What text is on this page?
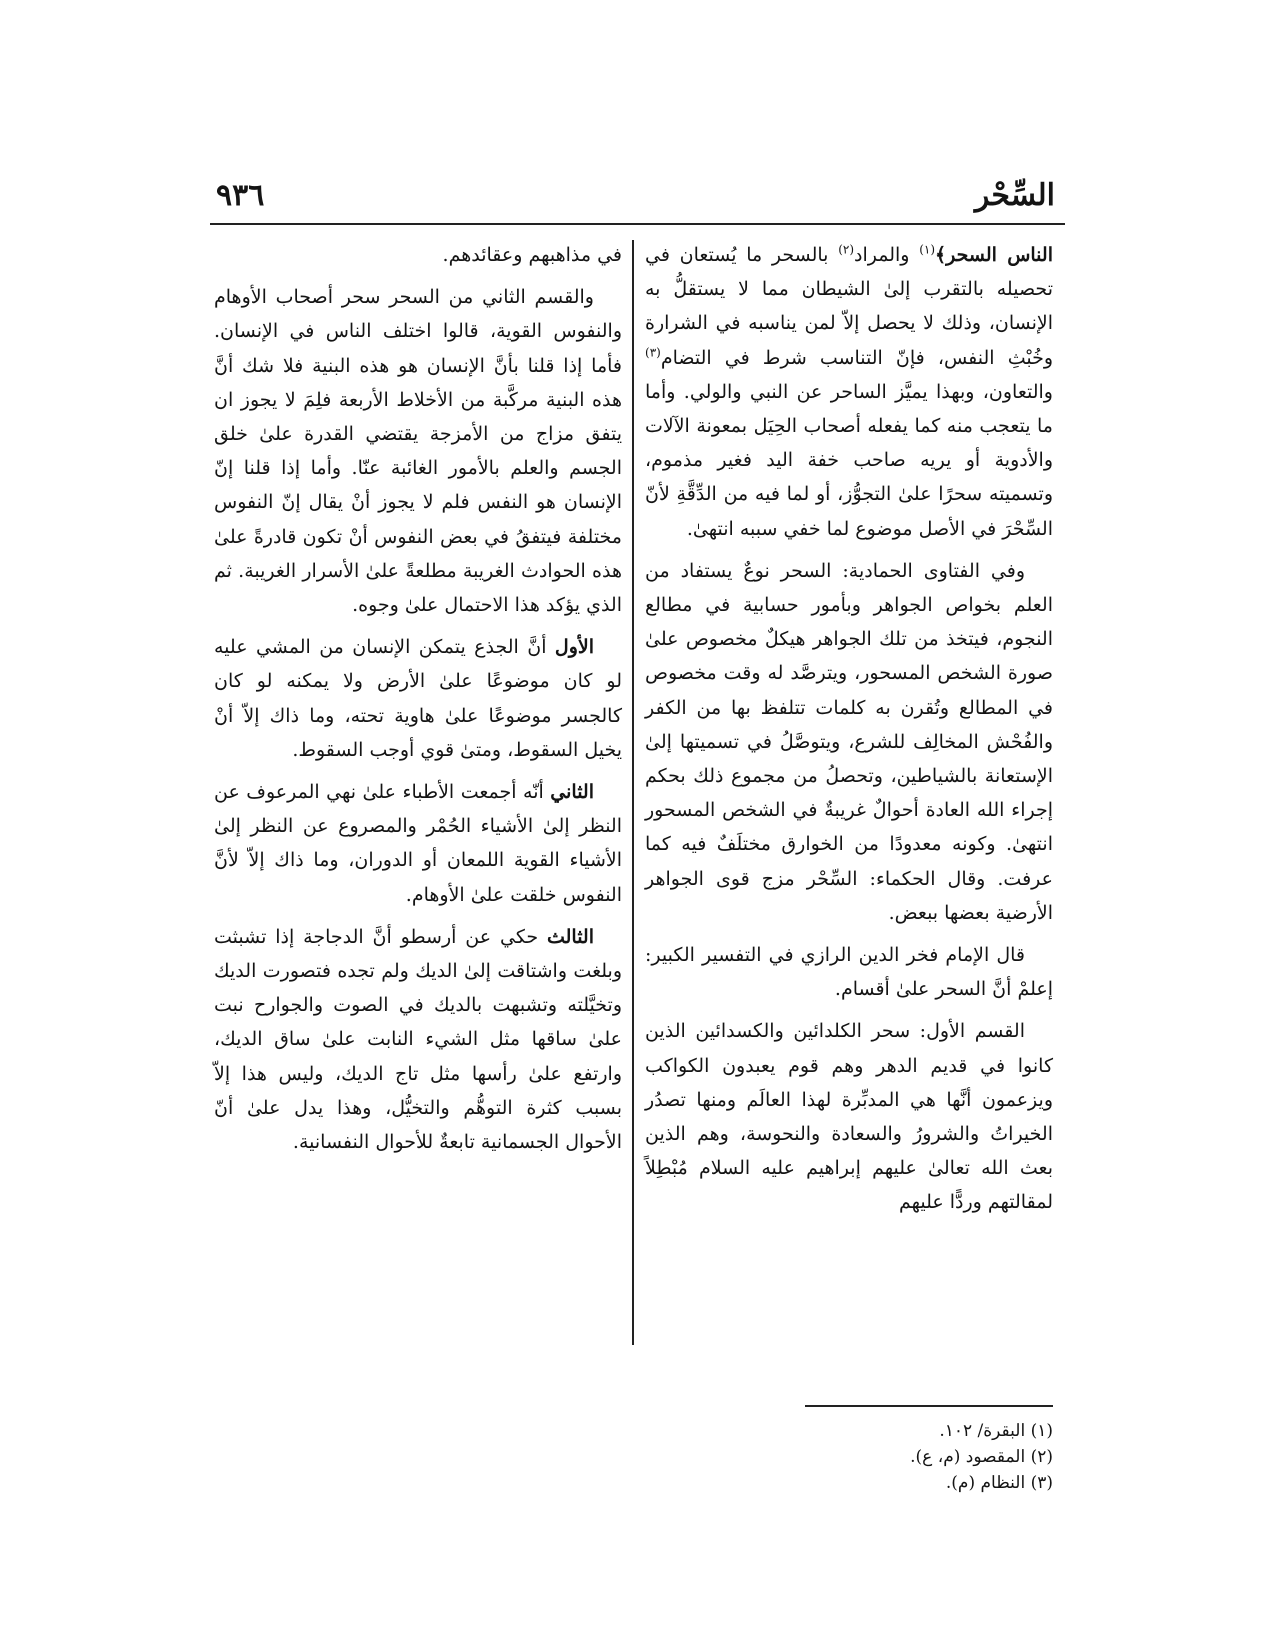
السِّحْر
٩٣٦

الناس السحر﴾$^{(١)}$ والمراد$^{(٢)}$ بالسحر ما يُستعان في تحصيله بالتقرب إلىٰ الشيطان مما لا يستقلُّ به الإنسان، وذلك لا يحصل إلاّ لمن يناسبه في الشرارة وخُبْثِ النفس، فإنّ التناسب شرط في التضام$^{(٣)}$ والتعاون، وبهذا يميَّز الساحر عن النبي والولي. وأما ما يتعجب منه كما يفعله أصحاب الحِيَل بمعونة الآلات والأدوية أو يريه صاحب خفة اليد فغير مذموم، وتسميته سحرًا علىٰ التجوُّز، أو لما فيه من الدِّقَّةِ لأنّ السِّحْرَ في الأصل موضوع لما خفي سببه انتهىٰ.

وفي الفتاوى الحمادية: السحر نوعٌ يستفاد من العلم بخواص الجواهر وبأمور حسابية في مطالع النجوم، فيتخذ من تلك الجواهر هيكلٌ مخصوص علىٰ صورة الشخص المسحور، ويترصَّد له وقت مخصوص في المطالع وتُقرن به كلمات تتلفظ بها من الكفر والفُحْش المخالِف للشرع، ويتوصَّلُ في تسميتها إلىٰ الإستعانة بالشياطين، وتحصلُ من مجموع ذلك بحكم إجراء الله العادة أحوالٌ غريبةٌ في الشخص المسحور انتهىٰ. وكونه معدودًا من الخوارق مختلَفٌ فيه كما عرفت. وقال الحكماء: السِّحْر مزج قوى الجواهر الأرضية بعضها ببعض.

قال الإمام فخر الدين الرازي في التفسير الكبير: إعلمْ أنَّ السحر علىٰ أقسام.

القسم الأول: سحر الكلدائين والكسدائين الذين كانوا في قديم الدهر وهم قوم يعبدون الكواكب ويزعمون أنَّها هي المدبِّرة لهذا العالَم ومنها تصدُر الخيراتُ والشرورُ والسعادة والنحوسة، وهم الذين بعث الله تعالىٰ عليهم إبراهيم عليه السلام مُبْطِلاً لمقالتهم وردًّا عليهم

في مذاهبهم وعقائدهم.

والقسم الثاني من السحر سحر أصحاب الأوهام والنفوس القوية، قالوا اختلف الناس في الإنسان. فأما إذا قلنا بأنَّ الإنسان هو هذه البنية فلا شك أنَّ هذه البنية مركَّبة من الأخلاط الأربعة فلِمَ لا يجوز ان يتفق مزاج من الأمزجة يقتضي القدرة علىٰ خلق الجسم والعلم بالأمور الغائبة عنّا. وأما إذا قلنا إنّ الإنسان هو النفس فلم لا يجوز أنْ يقال إنّ النفوس مختلفة فيتفقُ في بعض النفوس أنْ تكون قادرةً علىٰ هذه الحوادث الغريبة مطلعةً علىٰ الأسرار الغريبة. ثم الذي يؤكد هذا الاحتمال علىٰ وجوه.

الأول أنَّ الجذع يتمكن الإنسان من المشي عليه لو كان موضوعًا علىٰ الأرض ولا يمكنه لو كان كالجسر موضوعًا علىٰ هاوية تحته، وما ذاك إلاّ أنْ يخيل السقوط، ومتىٰ قوي أوجب السقوط.

الثاني أنّه أجمعت الأطباء علىٰ نهي المرعوف عن النظر إلىٰ الأشياء الحُمْر والمصروع عن النظر إلىٰ الأشياء القوية اللمعان أو الدوران، وما ذاك إلاّ لأنَّ النفوس خلقت علىٰ الأوهام.

الثالث حكي عن أرسطو أنَّ الدجاجة إذا تشبثت وبلغت واشتاقت إلىٰ الديك ولم تجده فتصورت الديك وتخيَّلته وتشبهت بالديك في الصوت والجوارح نبت علىٰ ساقها مثل الشيء النابت علىٰ ساق الديك، وارتفع علىٰ رأسها مثل تاج الديك، وليس هذا إلاّ بسبب كثرة التوهُّم والتخيُّل، وهذا يدل علىٰ أنّ الأحوال الجسمانية تابعةٌ للأحوال النفسانية.

(١) البقرة/ ١٠٢.
(٢) المقصود (م، ع).
(٣) النظام (م).
